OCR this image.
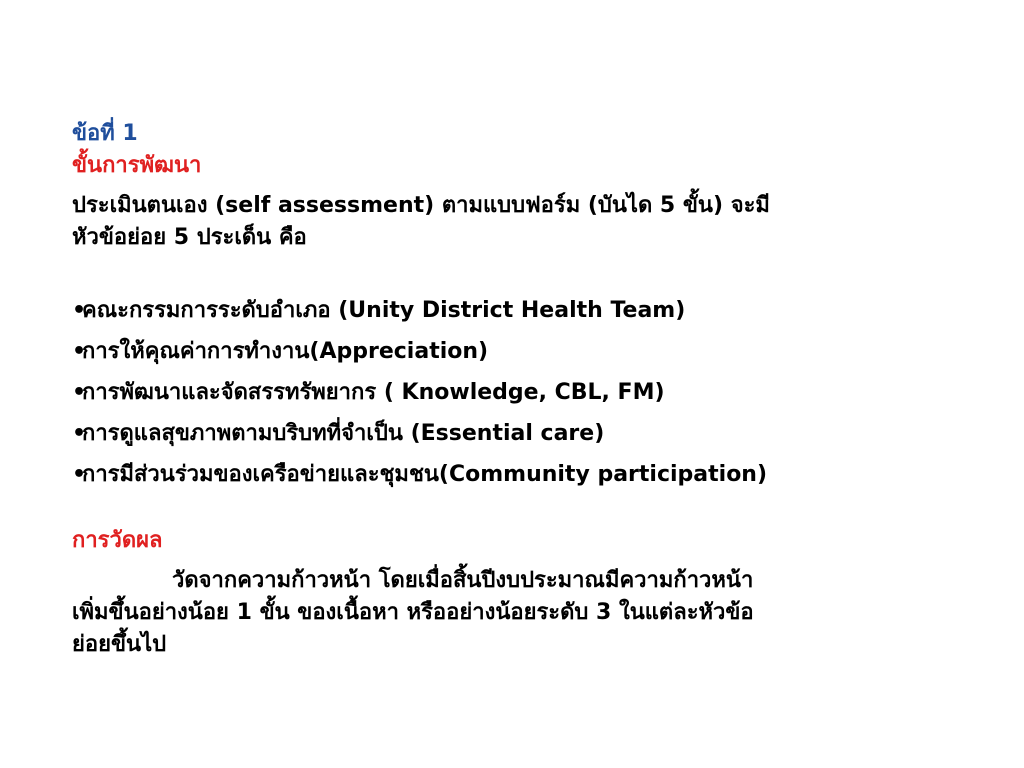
ข้อที่ 1

ขั้นการพัฒนา

ประเมินตนเอง (self assessment) ตามแบบฟอร์ม (บันได 5 ขั้น) จะมี
หัวข้อย่อย 5 ประเด็น คือ
•คณะกรรมการระดับอำเภอ (Unity District Health Team)
•การให้คุณค่าการทำงาน(Appreciation)
•การพัฒนาและจัดสรรทรัพยากร ( Knowledge, CBL, FM)
•การดูแลสุขภาพตามบริบทที่จำเป็น (Essential care)
•การมีส่วนร่วมของเครือข่ายและชุมชน(Community participation)

การวัดผล

วัดจากความก้าวหน้า โดยเมื่อสิ้นปีงบประมาณมีความก้าวหน้า
เพิ่มขึ้นอย่างน้อย 1 ขั้น ของเนื้อหา หรืออย่างน้อยระดับ 3 ในแต่ละหัวข้อ
ย่อยขึ้นไป
